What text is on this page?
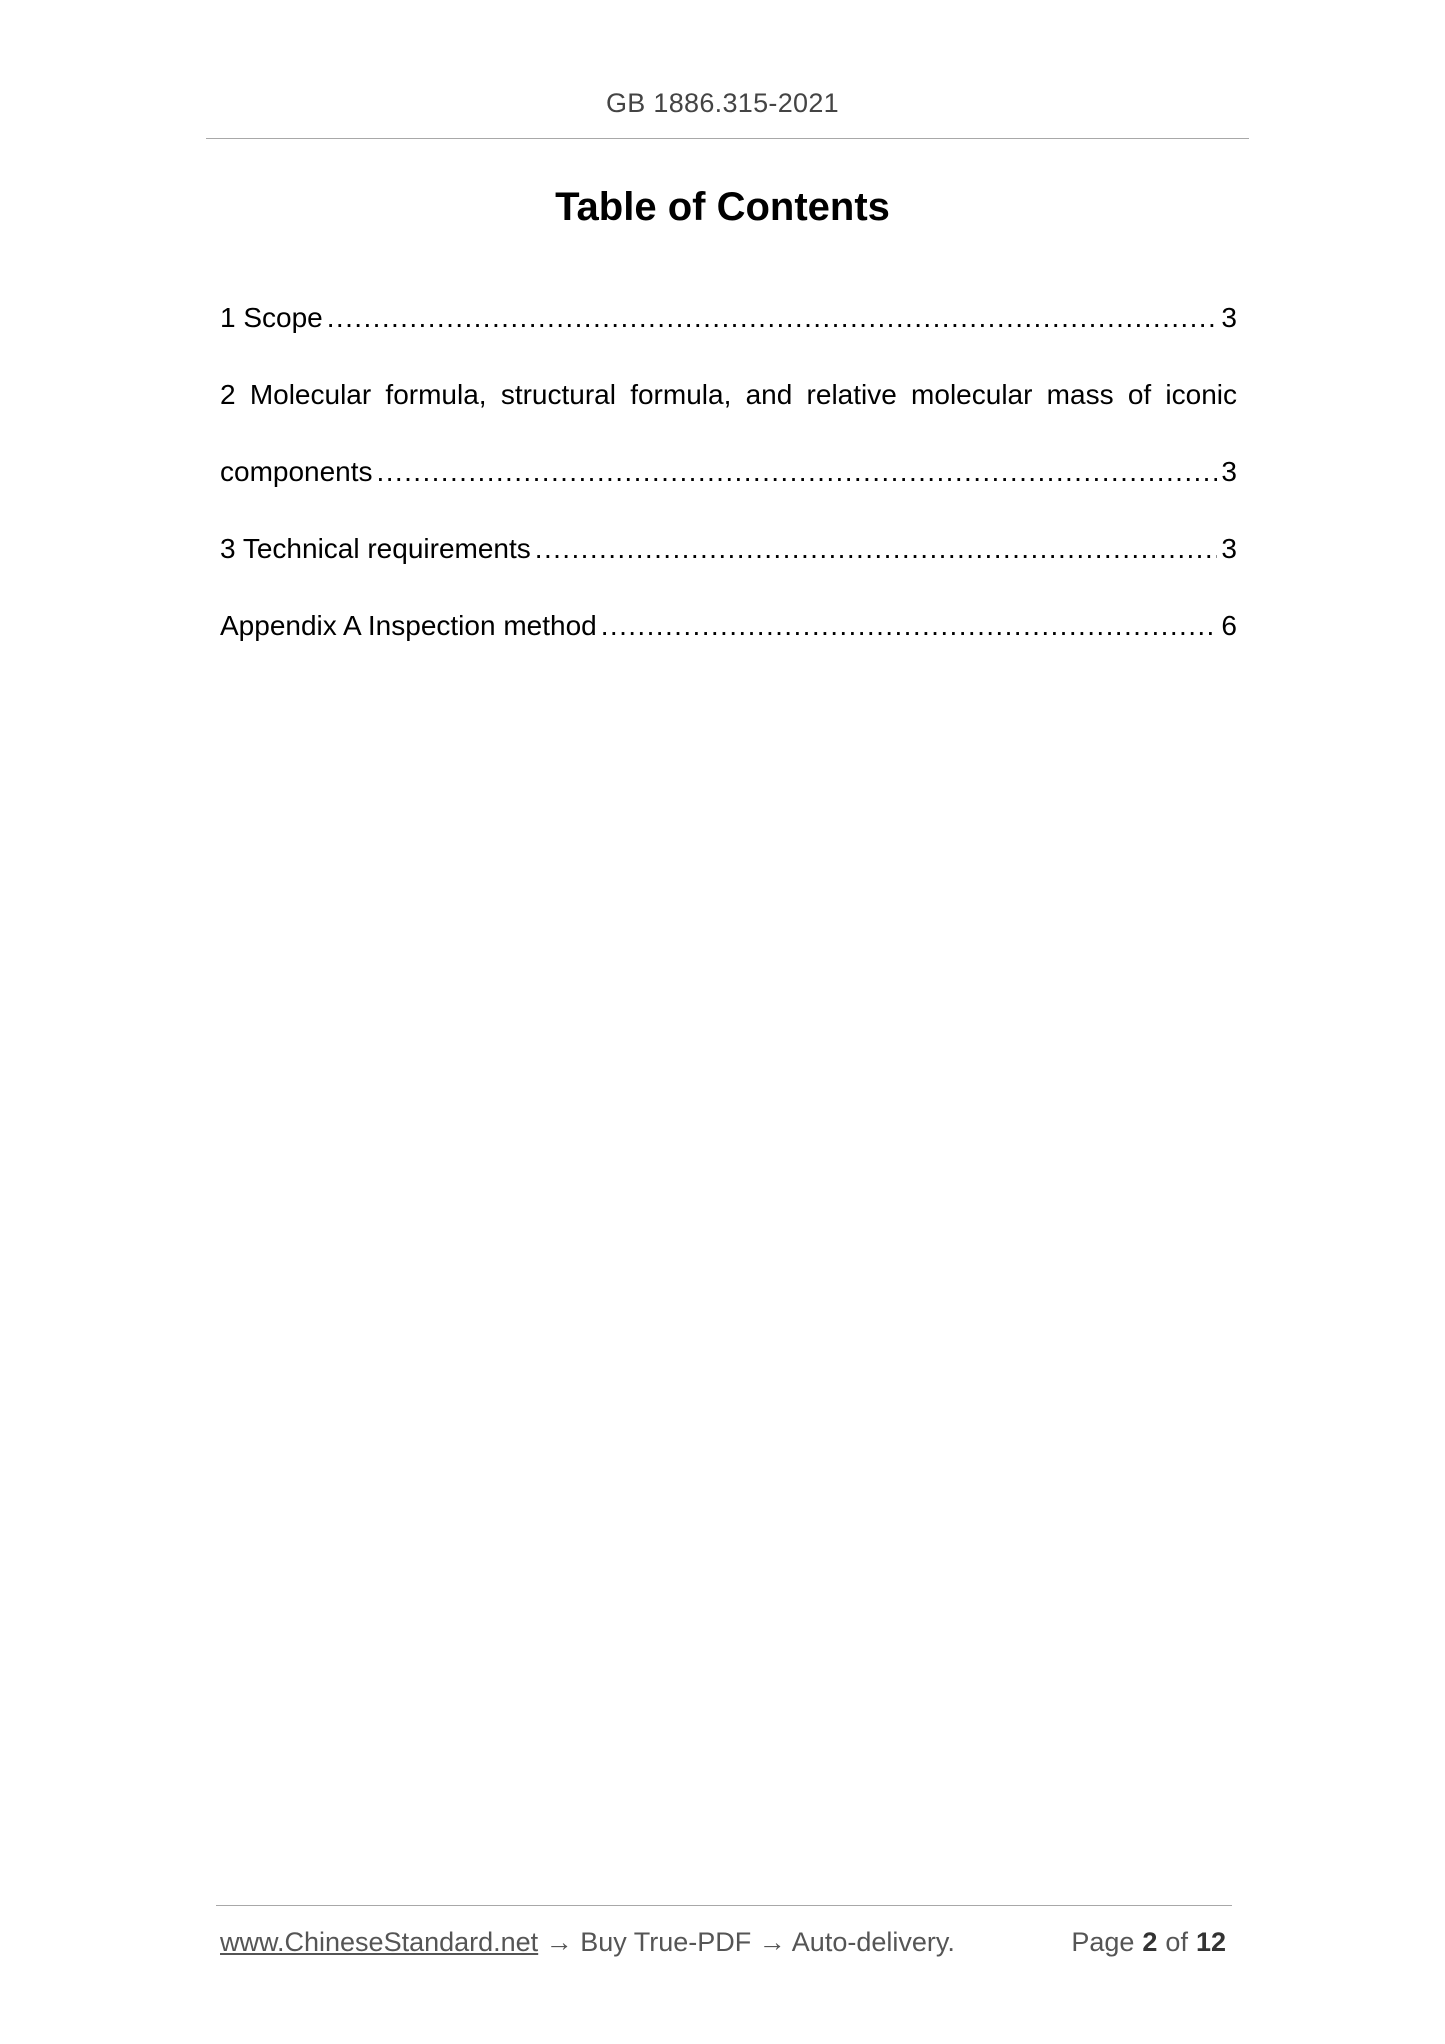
GB 1886.315-2021
Table of Contents
1 Scope .....	3
2 Molecular formula, structural formula, and relative molecular mass of iconic
components .....	3
3 Technical requirements .....	3
Appendix A Inspection method .....	6
www.ChineseStandard.net → Buy True-PDF → Auto-delivery.	Page 2 of 12
